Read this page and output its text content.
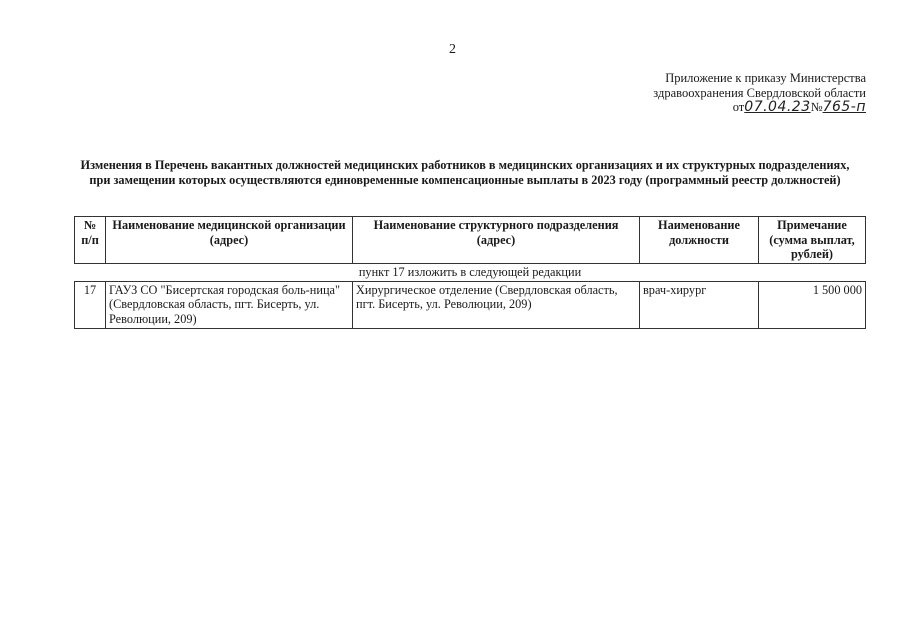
2
Приложение к приказу Министерства
здравоохранения Свердловской области
от07.04.23№765-п
Изменения в Перечень вакантных должностей медицинских работников в медицинских организациях и их структурных подразделениях, при замещении которых осуществляются единовременные компенсационные выплаты в 2023 году (программный реестр должностей)
№ п/п	Наименование медицинской организации (адрес)	Наименование структурного подразделения (адрес)	Наименование должности	Примечание (сумма выплат, рублей)
пункт 17 изложить в следующей редакции				
17	ГАУЗ СО "Бисертская городская боль-ница" (Свердловская область, пгт. Бисерть, ул. Революции, 209)	Хирургическое отделение (Свердловская область, пгт. Бисерть, ул. Революции, 209)	врач-хирург	1 500 000
